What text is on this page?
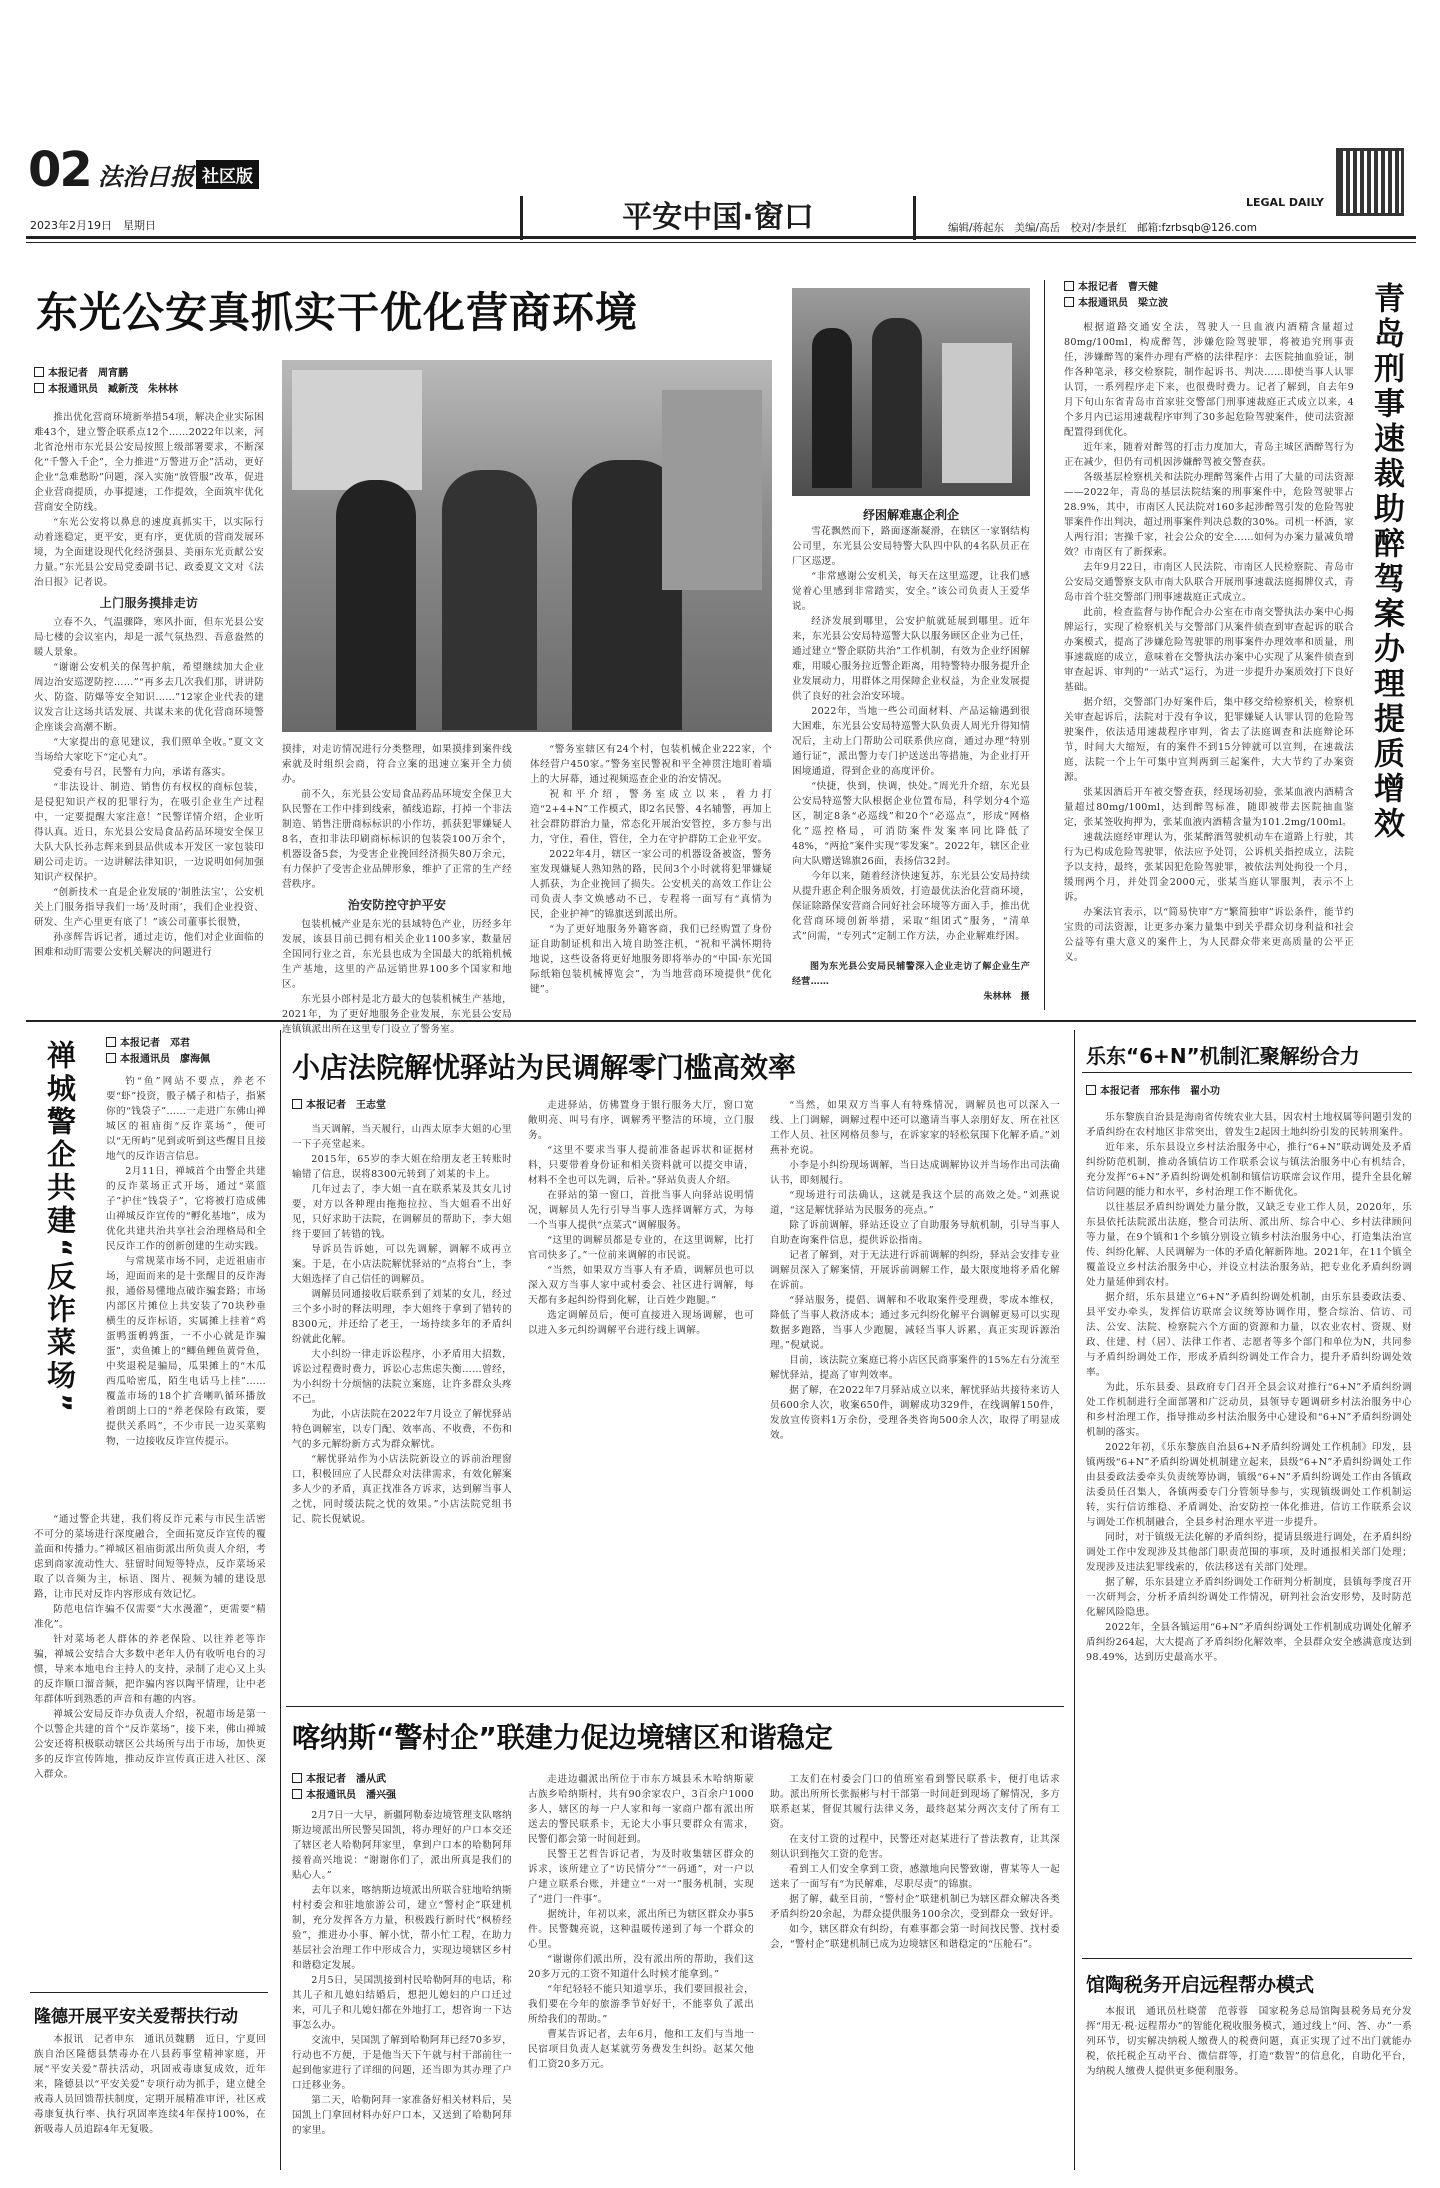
02 法治日报 社区版
2023年2月19日　星期日	平安中国·窗口	LEGAL DAILY
编辑/蒋起东　美编/高岳　校对/李景红　邮箱:fzrbsqb@126.com
东光公安真抓实干优化营商环境
本报记者　周宵鹏
本报通讯员　臧新茂　朱林林

推出优化营商环境新举措54项，解决企业实际困难43个，建立警企联系点12个……2022年以来，河北省沧州市东光县公安局按照上级部署要求，不断深化“千警入千企”，全力推进“万警进万企”活动，更好企业“急难愁盼”问题，深入实施“放管服”改革，促进企业营商提质，办事提速，工作提效，全面筑牢优化营商安全防线。

“东光公安将以鼻息的速度真抓实干，以实际行动着迷稳定，更平安，更有序，更优质的营商发展环境，为全面建设现代化经济强县、美丽东光贡献公安力量。”东光县公安局党委副书记、政委夏文文对《法治日报》记者说。

上门服务摸排走访

立春不久，气温骤降，寒风扑面，但东光县公安局七楼的会议室内，却是一派气氛热烈、吾意盎然的暖人景象。

“谢谢公安机关的保驾护航，希望继续加大企业周边治安巡逻防控……”“再多去几次我们那，讲讲防火、防盗、防爆等安全知识……”12家企业代表的建议发言让这场共话发展、共谋未来的优化营商环境警企座谈会高潮不断。

“大家提出的意见建议，我们照单全收。”夏文文当场给大家吃下“定心丸”。

党委有号召，民警有力向，承诺有落实。

“非法设计、制造、销售仿有权权的商标包装，是侵犯知识产权的犯罪行为，在吸引企业生产过程中，一定要提醒大家注意！”民警详情介绍，企业听得认真。近日，东光县公安局食品药品环境安全保卫大队大队长孙志辉来到县品供成本开发区一家包装印刷公司走访。一边讲解法律知识，一边说明如何加强知识产权保护。

“创新技术一直是企业发展的‘制胜法宝’，公安机关上门服务指导我们一场‘及时雨’，我们企业投资、研发、生产心里更有底了！”该公司董事长很赞，

孙彦辉告诉记者，通过走访，他们对企业面临的困难和动盯需要公安机关解决的问题进行

摸排，对走访情况进行分类整理，如果摸排到案件线索就及时组织会商，符合立案的迅速立案开全力侦办。

前不久，东光县公安局食品药品环境安全保卫大队民警在工作中排到线索，循线追踪，打掉一个非法制造、销售注册商标标识的小作坊，抓获犯罪嫌疑人8名，查扣非法印刷商标标识的包装袋100万余个，机器设备5套，为受害企业挽回经济损失80万余元，有力保护了受害企业品牌形象，维护了正常的生产经营秩序。

治安防控守护平安

包装机械产业是东光的县域特色产业，历经多年发展，该县目前已拥有相关企业1100多家，数量居全国同行业之首，东光县也成为全国最大的纸箱机械生产基地，这里的产品远销世界100多个国家和地区。

东光县小郎村是北方最大的包装机械生产基地，2021年，为了更好地服务企业发展，东光县公安局连镇镇派出所在这里专门设立了警务室。

“警务室辖区有24个村，包装机械企业222家，个体经营户450家。”警务室民警祝和平全神贯注地盯着墙上的大屏幕，通过视频巡查企业的治安情况。

祝和平介绍，警务室成立以来，着力打造“2+4+N”工作模式，即2名民警、4名辅警，再加上社会群防群治力量，常态化开展治安管控，多方参与出力，守住，看住，管住，全力在守护群防工企业平安。

2022年4月，辖区一家公司的机器设备被盗，警务室发现嫌疑人熟知熟的路，民间3个小时就将犯罪嫌疑人抓获，为企业挽回了损失。公安机关的高效工作让公司负责人李文焕感动不已，专程将一面写有“真情为民，企业护神”的锦旗送到派出所。

“为了更好地服务外籍客商，我们已经购置了身份证自助制证机和出入境自助签注机，“祝和平满怀期待地说，这些设备将更好地服务即将举办的“中国·东光国际纸箱包装机械博览会”，为当地营商环境提供“优化键”。

纾困解难惠企利企

雪花飘然而下，路面逐渐凝滑，在辖区一家钢结构公司里，东光县公安局特警大队四中队的4名队员正在厂区巡逻。

“非常感谢公安机关，每天在这里巡逻，让我们感觉着心里感到非常踏实，安全。”该公司负责人王爱华说。

经济发展到哪里，公安护航就延展到哪里。近年来，东光县公安局特巡警大队以服务顾区企业为己任，通过建立“警企联防共治”工作机制，有效为企业纾困解难，用暖心服务拉近警企距离，用特警特办服务提升企业发展动力，用群体之用保障企业权益，为企业发展提供了良好的社会治安环境。

2022年，当地一些公司面材料、产品运输遇到很大困难，东光县公安局特巡警大队负责人周光升得知情况后，主动上门帮助公司联系供应商，通过办理“特别通行证”，派出警力专门护送送出等措施，为企业打开困境通道，得到企业的高度评价。

“快捷，快到，快调，快处。”周光升介绍，东光县公安局特巡警大队根据企业位置布局，科学划分4个巡区，制定8条“必巡线”和20个“必巡点”，形成“网格化”巡控格局，可消防案件发案率同比降低了48%，“两抢”案件实现“零发案”。2022年，辖区企业向大队赠送锦旗26面，表扬信32封。

今年以来，随着经济快速复苏，东光县公安局持续从提升惠企利企服务质效，打造最优法治化营商环境，保证除路保安营商合同好社会环境等方面入手，推出优化营商环境创新举措，采取“组团式”服务，“清单式”问需，“专列式”定制工作方法，办企业解难纾困。

图为东光县公安局民辅警深入企业走访了解企业生产经营……

朱林林　摄
本报记者　曹天健
本报通讯员　梁立波	青岛刑事速裁助醉驾案办理提质增效

根据道路交通安全法，驾驶人一旦血液内酒精含量超过80mg/100ml，构成醉驾，涉嫌危险驾驶罪，将被追究刑事责任，涉嫌醉驾的案件办理有严格的法律程序：去医院抽血验证，制作各种笔录，移交检察院，制作起诉书、判决……即使当事人认罪认罚，一系列程序走下来，也很费时费力。记者了解到，自去年9月下旬山东省青岛市首家驻交警部门刑事速裁庭正式成立以来，4个多月内已运用速裁程序审判了30多起危险驾驶案件，使司法资源配置得到优化。

近年来，随着对醉驾的打击力度加大，青岛主城区酒醉驾行为正在减少，但仍有司机因涉嫌醉驾被交警查获。

各级基层检察机关和法院办理醉驾案件占用了大量的司法资源——2022年，青岛的基层法院结案的刑事案件中，危险驾驶罪占28.9%，其中，市南区人民法院对160多起涉醉驾引发的危险驾驶罪案件作出判决，超过刑事案件判决总数的30%。司机一杯酒，家人两行泪；害操千家，社会公众的安全……如何为办案力量减负增效？市南区有了新探索。

去年9月22日，市南区人民法院、市南区人民检察院、青岛市公安局交通警察支队市南大队联合开展刑事速裁法庭揭牌仪式，青岛市首个驻交警部门刑事速裁庭正式成立。

此前，检查监督与协作配合办公室在市南交警执法办案中心揭牌运行，实现了检察机关与交警部门从案件侦查到审查起诉的联合办案模式，提高了涉嫌危险驾驶罪的刑事案件办理效率和质量，刑事速裁庭的成立，意味着在交警执法办案中心实现了从案件侦查到审查起诉、审判的“一站式”运行，为进一步提升办案质效打下良好基础。

据介绍，交警部门办好案件后，集中移交给检察机关，检察机关审查起诉后，法院对于没有争议，犯罪嫌疑人认罪认罚的危险驾驶案件，依法适用速裁程序审判，省去了法庭调查和法庭辩论环节，时间大大缩短，有的案件不到15分钟就可以宣判，在速裁法庭，法院一个上午可集中宣判两到三起案件，大大节约了办案资源。

张某因酒后开车被交警查获，经现场初验，张某血液内酒精含量超过80mg/100ml，达到醉驾标准，随即被带去医院抽血鉴定，张某签收拘押为，张某血液内酒精含量为101.2mg/100ml。

速裁法庭经审理认为，张某醉酒驾驶机动车在道路上行驶，其行为已构成危险驾驶罪，依法应予处罚，公诉机关指控成立，法院予以支持，最终，张某因犯危险驾驶罪，被依法判处拘役一个月，缓刑两个月，并处罚金2000元，张某当庭认罪服判，表示不上诉。

办案法官表示，以“简易快审”方“繁简独审”诉讼条件，能节约宝贵的司法资源，让更多办案力量集中到关乎群众切身利益和社会公益等有重大意义的案件上，为人民群众带来更高质量的公平正义。

禅城警企共建“反诈菜场”	本报记者　邓君
本报通讯员　廖海佩

钓“鱼”网站不要点，养老不要“虾”投资，骰子橘子和桔子，指紧你的“钱袋子”……一走进广东佛山禅城区的祖庙街“反诈菜场”，便可以“无所屿”见到或听到这些醒目且接地气的反诈语言信息。

2月11日，禅城首个由警企共建的反诈菜场正式开场，通过“菜篮子”护住“钱袋子”，它将被打造成佛山禅城反诈宣传的“孵化基地”，成为优化共建共治共享社会治理格局和全民反诈工作的创新创建的生动实践。

与常规菜市场不同，走近祖庙市场，迎面而来的是十张醒目的反诈海报，通俗易懂地点破诈骗套路；市场内部区片摊位上共安装了70块秒垂横生的反诈标语，实属摊上挂着“鸡蛋鸭蛋鹌鹑蛋，一不小心就是诈骗蛋”，卖鱼摊上的“鲫鱼鲤鱼黄骨鱼，中奖退税是骗局，瓜果摊上的“木瓜西瓜哈密瓜，陌生电话马上挂”……覆盖市场的18个扩音喇叭循环播放着朗朗上口的“养老保险有政策，要提供关系吗”，不少市民一边买菜购物，一边接收反诈宣传提示。

“通过警企共建，我们将反诈元素与市民生活密不可分的菜场进行深度融合，全面拓宽反诈宣传的覆盖面和传播力。”禅城区祖庙街派出所负责人介绍，考虑到商家流动性大、驻留时间短等特点，反诈菜场采取了以音频为主，标语、图片、视频为辅的建设思路，让市民对反诈内容形成有效记忆。

防范电信诈骗不仅需要“大水漫灌”，更需要“精准化”。

针对菜场老人群体的养老保险、以往养老等诈骗，禅城公安结合大多数中老年人仍有收听电台的习惯，导来本地电台主持人的支持，录制了走心又上头的反诈顺口溜音频，把诈骗内容以陶平情理，让中老年群体听到熟悉的声音和有趣的内容。

禅城公安局反诈办负责人介绍，祝超市场是第一个以警企共建的首个“反诈菜场”，接下来，佛山禅城公安还将积极联动辖区公共场所与出于市场，加快更多的反诈宣传阵地，推动反诈宣传真正进入社区、深入群众。

隆德开展平安关爱帮扶行动

本报讯　记者申东　通讯员魏鹏　近日，宁夏回族自治区隆德县禁毒办在八县药事堂精神家庭，开展“平安关爱”帮扶活动，巩固戒毒康复成效，近年来，隆德县以“平安关爱”专项行动为抓手，建立健全戒毒人员回馈帮扶制度，定期开展精准审评，社区戒毒康复执行率、执行巩固率连续4年保持100%，在新吸毒人员追踪4年无复吸。

小店法院解忧驿站为民调解零门槛高效率
本报记者　王志堂

当天调解，当天履行，山西太原李大姐的心里一下子亮堂起来。

2015年，65岁的李大姐在给朋友老王转账时输错了信息，误将8300元转到了刘某的卡上。

几年过去了，李大姐一直在联系某及其女儿讨要，对方以各种理由拖拖拉拉、当大姐看不出好见，只好求助于法院，在调解员的帮助下，李大姐终于要回了转错的钱。

导诉员告诉她，可以先调解，调解不成再立案。于是，在小店法院解忧驿站的“点将台”上，李大姐选择了自己信任的调解员。

调解员同通接收后联系到了刘某的女儿，经过三个多小时的释法明理，李大姐终于拿到了错转的8300元，并还给了老王，一场持续多年的矛盾纠纷就此化解。

大小纠纷一律走诉讼程序，小矛盾用大招数，诉讼过程费时费力，诉讼心志焦虑失衡……曾经，为小纠纷十分烦恼的法院立案庭，让许多群众头疼不已。

为此，小店法院在2022年7月设立了解忧驿站特色调解室，以专门配、效率高、不收费，不伤和气的多元解纷新方式为群众解忧。

“解忧驿站作为小店法院新设立的诉前治理窗口，积极回应了人民群众对法律需求，有效化解案多人少的矛盾，真正找准各方诉求，达到解当事人之忧，同时缓法院之忧的效果。”小店法院党组书记、院长倪斌说。

走进驿站，仿佛置身于银行服务大厅，窗口宽敞明亮、叫号有序，调解秀平整洁的环境，立门服务。

“这里不要求当事人提前准备起诉状和证据材料，只要带着身份证和相关资料就可以提交申请，材料不全也可以先调，后补。”驿站负责人介绍。

在驿站的第一窗口，首批当事人向驿站说明情况，调解员人先行引导当事人选择调解方式，为每一个当事人提供“点菜式”调解服务。

“这里的调解员都是专业的，在这里调解，比打官司快多了。”一位前来调解的市民说。

“当然，如果双方当事人有矛盾，调解员也可以深入双方当事人家中或村委会、社区进行调解，每天都有多起纠纷得到化解，让百姓少跑腿。”

选定调解员后，便可直接进入现场调解，也可以进入多元纠纷调解平台进行线上调解。

“当然，如果双方当事人有特殊情况，调解员也可以深入一线、上门调解，调解过程中还可以邀请当事人亲朋好友、所在社区工作人员、社区网格员参与，在诉家家的轻松氛围下化解矛盾。”刘燕补充说。

小李是小纠纷现场调解，当日达成调解协议并当场作出司法确认书，即刻履行。

“现场进行司法确认，这就是我这个层的高效之处。”刘燕说道，“这是解忧驿站为民服务的亮点。”

除了诉前调解，驿站还设立了自助服务导航机制，引导当事人自助查询案件信息，提供诉讼指南。

记者了解到，对于无法进行诉前调解的纠纷，驿站会安排专业调解员深入了解案情，开展诉前调解工作，最大限度地将矛盾化解在诉前。

“驿站服务，提倡、调解和不收取案件受理费，零成本维权，降低了当事人救济成本；通过多元纠纷化解平台调解更易可以实现数据多跑路，当事人少跑腿，减轻当事人诉累，真正实现诉源治理。”倪斌说。

目前，该法院立案庭已将小店区民商事案件的15%左右分流至解忧驿站，提高了审判效率。

据了解，在2022年7月驿站成立以来，解忧驿站共接待来访人员600余人次，收案650件，调解成功329件，在线调解150件，发放宣传资料1万余份，受理各类咨询500余人次，取得了明显成效。

喀纳斯“警村企”联建力促边境辖区和谐稳定
本报记者　潘从武
本报通讯员　潘兴强

2月7日一大早，新疆阿勒泰边境管理支队喀纳斯边境派出所民警吴国凯，将办理好的户口本交还了辖区老人哈勒阿拜家里，拿到户口本的哈勒阿拜接着高兴地说：“谢谢你们了，派出所真是我们的贴心人。”

去年以来，喀纳斯边境派出所联合驻地哈纳斯村村委会和驻地旅游公司，建立“警村企”联建机制，充分发挥各方力量，积极践行新时代“枫桥经验”，推进办小事、解小忧，帮小忙工程，在助力基层社会治理工作中形成合力，实现边境辖区乡村和谐稳定发展。

2月5日，吴国凯接到村民哈勒阿拜的电话，称其儿子和儿媳妇结婚后，想把儿媳妇的户口迁过来，可儿子和儿媳妇都在外地打工，想咨询一下达事怎么办。

交流中，吴国凯了解到哈勒阿拜已经70多岁，行动也不方便，于是他当天下午就与村干部前往一起到他家进行了详细的问题，还当即为其办理了户口迁移业务。

第二天，哈勒阿拜一家准备好相关材料后，吴国凯上门拿回材料办好户口本，又送到了哈勒阿拜的家里。

走进边疆派出所位于市东方城县禾木哈纳斯蒙古族乡哈纳斯村，共有90余家农户，3百余户1000多人，辖区的每一户人家和每一家商户都有派出所送去的警民联系卡，无论大小事只要群众有需求，民警们都会第一时间赶到。

民警王艺哲告诉记者，为及时收集辖区群众的诉求，该所建立了“访民情分”“一码通”，对一户以户建立联系台账，并建立“一对一”服务机制，实现了“进门一件事”。

据统计，年初以来，派出所已为辖区群众办事5件。民警魏亮说，这种温暖传递到了每一个群众的心里。

“谢谢你们派出所，没有派出所的帮助，我们这20多万元的工资不知道什么时候才能拿到。”

“年纪轻轻不能只知道享乐，我们要回报社会，我们要在今年的旅游季节好好干，不能辜负了派出所给我们的帮助。”

曹某告诉记者，去年6月，他和工友们与当地一民宿项目负责人赵某就劳务费发生纠纷。赵某欠他们工资20多万元。

工友们在村委会门口的值班室看到警民联系卡，便打电话求助。派出所所长张振彬与村干部第一时间赶到现场了解情况，多方联系赵某，督促其履行法律义务，最终赵某分两次支付了所有工资。

在支付工资的过程中，民警还对赵某进行了普法教育，让其深刻认识到拖欠工资的危害。

看到工人们安全拿到工资，感激地向民警致谢，曹某等人一起送来了一面写有“为民解难，尽职尽责”的锦旗。

据了解，截至目前，“警村企”联建机制已为辖区群众解决各类矛盾纠纷20余起，为群众提供服务100余次，受到群众一致好评。

如今，辖区群众有纠纷，有难事都会第一时间找民警、找村委会，“警村企”联建机制已成为边境辖区和谐稳定的“压舱石”。

乐东“6+N”机制汇聚解纷合力
本报记者　邢东伟　翟小功

乐东黎族自治县是海南省传统农业大县，因农村土地权属等问题引发的矛盾纠纷在农村地区非常突出，曾发生2起因土地纠纷引发的民转刑案件。

近年来，乐东县设立乡村法治服务中心，推行“6+N”联动调处及矛盾纠纷防范机制，推动各镇信访工作联系会议与镇法治服务中心有机结合，充分发挥“6+N”矛盾纠纷调处机制和镇信访联席会议作用，提升全县化解信访问题的能力和水平，乡村治理工作不断优化。

以往基层矛盾纠纷调处力量分散，又缺乏专业工作人员，2020年，乐东县依托法院派出法庭，整合司法所、派出所、综合中心、乡村法律顾问等力量，在9个镇和1个乡镇分别设立镇乡村法治服务中心，打造集法治宣传、纠纷化解、人民调解为一体的矛盾化解新阵地。2021年，在11个镇全覆盖设立乡村法治服务中心，并设立村法治服务站，把专业化矛盾纠纷调处力量延伸到农村。

据介绍，乐东县建立“6+N”矛盾纠纷调处机制，由乐东县委政法委、县平安办牵头，发挥信访联席会议统筹协调作用，整合综治、信访、司法、公安、法院、检察院六个方面的资源和力量，以农业农村、资规、财政、住建、村（居）、法律工作者、志愿者等多个部门和单位为N，共同参与矛盾纠纷调处工作，形成矛盾纠纷调处工作合力，提升矛盾纠纷调处效率。

为此，乐东县委、县政府专门召开全县会议对推行“6+N”矛盾纠纷调处工作机制进行全面部署和广泛动员，县领导专题调研乡村法治服务中心和乡村治理工作，指导推动乡村法治服务中心建设和“6+N”矛盾纠纷调处机制的落实。

2022年初，《乐东黎族自治县6+N矛盾纠纷调处工作机制》印发，县镇两级“6+N”矛盾纠纷调处机制建立起来，县级“6+N”矛盾纠纷调处工作由县委政法委牵头负责统筹协调，镇级“6+N”矛盾纠纷调处工作由各镇政法委员任召集人，各镇两委专门分管领导参与，实现镇级调处工作机制运转，实行信访维稳、矛盾调处、治安防控一体化推进，信访工作联系会议与调处工作机制融合，全县乡村治理水平进一步提升。

同时，对于镇级无法化解的矛盾纠纷，提请县级进行调处，在矛盾纠纷调处工作中发现涉及其他部门职责范围的事项，及时通报相关部门处理；发现涉及违法犯罪线索的，依法移送有关部门处理。

据了解，乐东县建立矛盾纠纷调处工作研判分析制度，县镇每季度召开一次研判会，分析矛盾纠纷调处工作情况，研判社会治安形势，及时防范化解风险隐患。

2022年，全县各镇运用“6+N”矛盾纠纷调处工作机制成功调处化解矛盾纠纷264起，大大提高了矛盾纠纷化解效率，全县群众安全感满意度达到98.49%，达到历史最高水平。

馆陶税务开启远程帮办模式

本报讯　通讯员杜晓蕾　范蓉蓉　国家税务总局馆陶县税务局充分发挥“用无·税·远程帮办”的智能化税收服务模式，通过线上“问、答、办”一系列环节，切实解决纳税人缴费人的税费问题，真正实现了过不出门就能办税，依托税企互动平台、微信群等，打造“数智”的信息化，自助化平台，为纳税人缴费人提供更多便利服务。
